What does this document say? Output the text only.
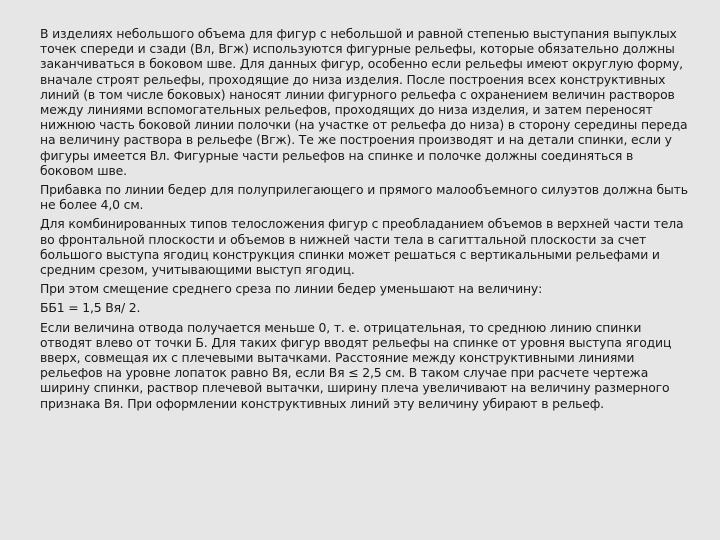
В изделиях небольшого объема для фигур с небольшой и равной степенью выступания выпуклых точек спереди и сзади (Вл, Вгж) используются фигурные рельефы, которые обязательно должны заканчиваться в боковом шве. Для данных фигур, особенно если рельефы имеют округлую форму, вначале строят рельефы, проходящие до низа изделия. После построения всех конструктивных линий (в том числе боковых) наносят линии фигурного рельефа с охранением величин растворов между линиями вспомогательных рельефов, проходящих до низа изделия, и затем переносят нижнюю часть боковой линии полочки (на участке от рельефа до низа) в сторону середины переда на величину раствора в рельефе (Вгж). Те же построения производят и на детали спинки, если у фигуры имеется Вл. Фигурные части рельефов на спинке и полочке должны соединяться в боковом шве.

Прибавка по линии бедер для полуприлегающего и прямого малообъемного силуэтов должна быть не более 4,0 см.

Для комбинированных типов телосложения фигур с преобладанием объемов в верхней части тела во фронтальной плоскости и объемов в нижней части тела в сагиттальной плоскости за счет большого выступа ягодиц конструкция спинки может решаться с вертикальными рельефами и средним срезом, учитывающими выступ ягодиц.

При этом смещение среднего среза по линии бедер уменьшают на величину:

ББ1 = 1,5 Вя/ 2.

Если величина отвода получается меньше 0, т. е. отрицательная, то среднюю линию спинки отводят влево от точки Б. Для таких фигур вводят рельефы на спинке от уровня выступа ягодиц вверх, совмещая их с плечевыми вытачками. Расстояние между конструктивными линиями рельефов на уровне лопаток равно Вя, если Вя ≤ 2,5 см. В таком случае при расчете чертежа ширину спинки, раствор плечевой вытачки, ширину плеча увеличивают на величину размерного признака Вя. При оформлении конструктивных линий эту величину убирают в рельеф.
